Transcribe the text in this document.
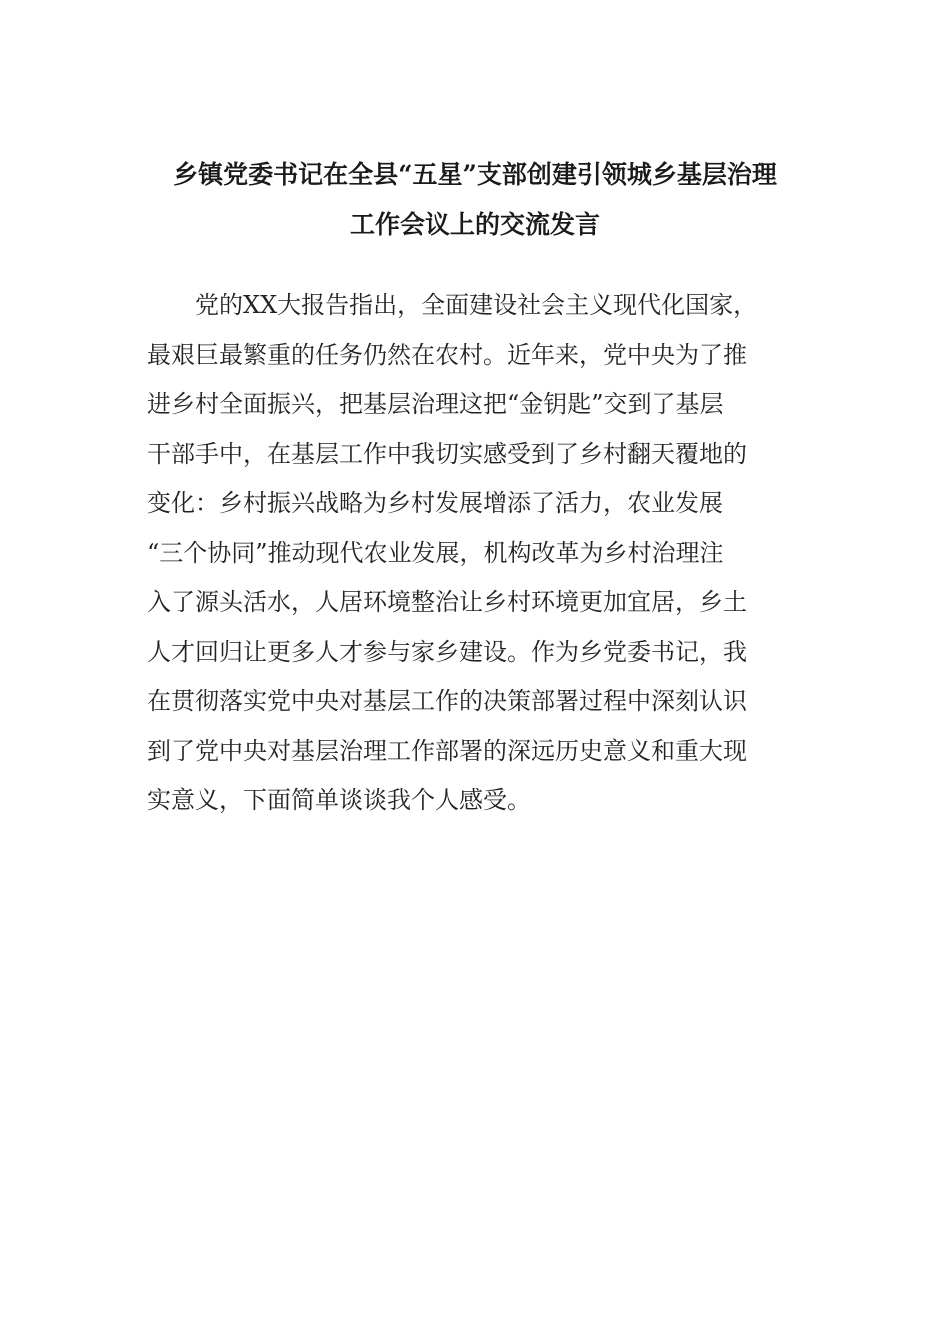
乡镇党委书记在全县“五星”支部创建引领城乡基层治理
工作会议上的交流发言
　　党的XX大报告指出，全面建设社会主义现代化国家，
最艰巨最繁重的任务仍然在农村。近年来，党中央为了推
进乡村全面振兴，把基层治理这把“金钥匙”交到了基层
干部手中，在基层工作中我切实感受到了乡村翻天覆地的
变化：乡村振兴战略为乡村发展增添了活力，农业发展
“三个协同”推动现代农业发展，机构改革为乡村治理注
入了源头活水，人居环境整治让乡村环境更加宜居，乡土
人才回归让更多人才参与家乡建设。作为乡党委书记，我
在贯彻落实党中央对基层工作的决策部署过程中深刻认识
到了党中央对基层治理工作部署的深远历史意义和重大现
实意义，下面简单谈谈我个人感受。
